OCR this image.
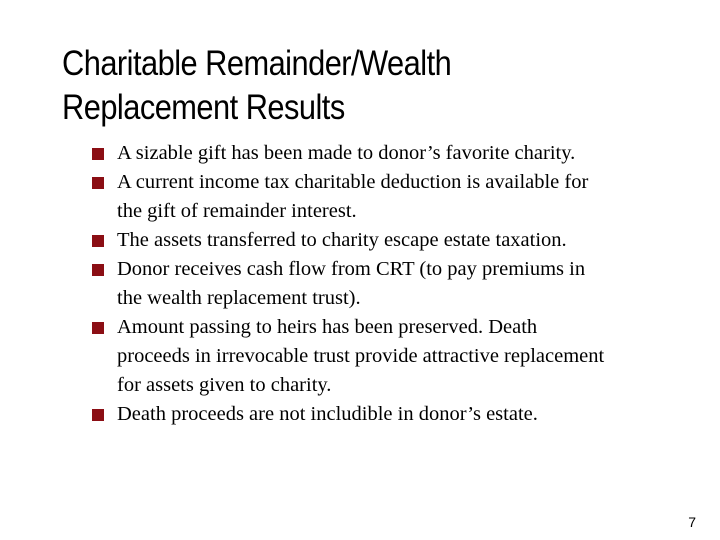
Charitable Remainder/Wealth
Replacement Results
A sizable gift has been made to donor’s favorite charity.
A current income tax charitable deduction is available for
the gift of remainder interest.
The assets transferred to charity escape estate taxation.
Donor receives cash flow from CRT (to pay premiums in
the wealth replacement trust).
Amount passing to heirs has been preserved. Death
proceeds in irrevocable trust provide attractive replacement
for assets given to charity.
Death proceeds are not includible in donor’s estate.
7
